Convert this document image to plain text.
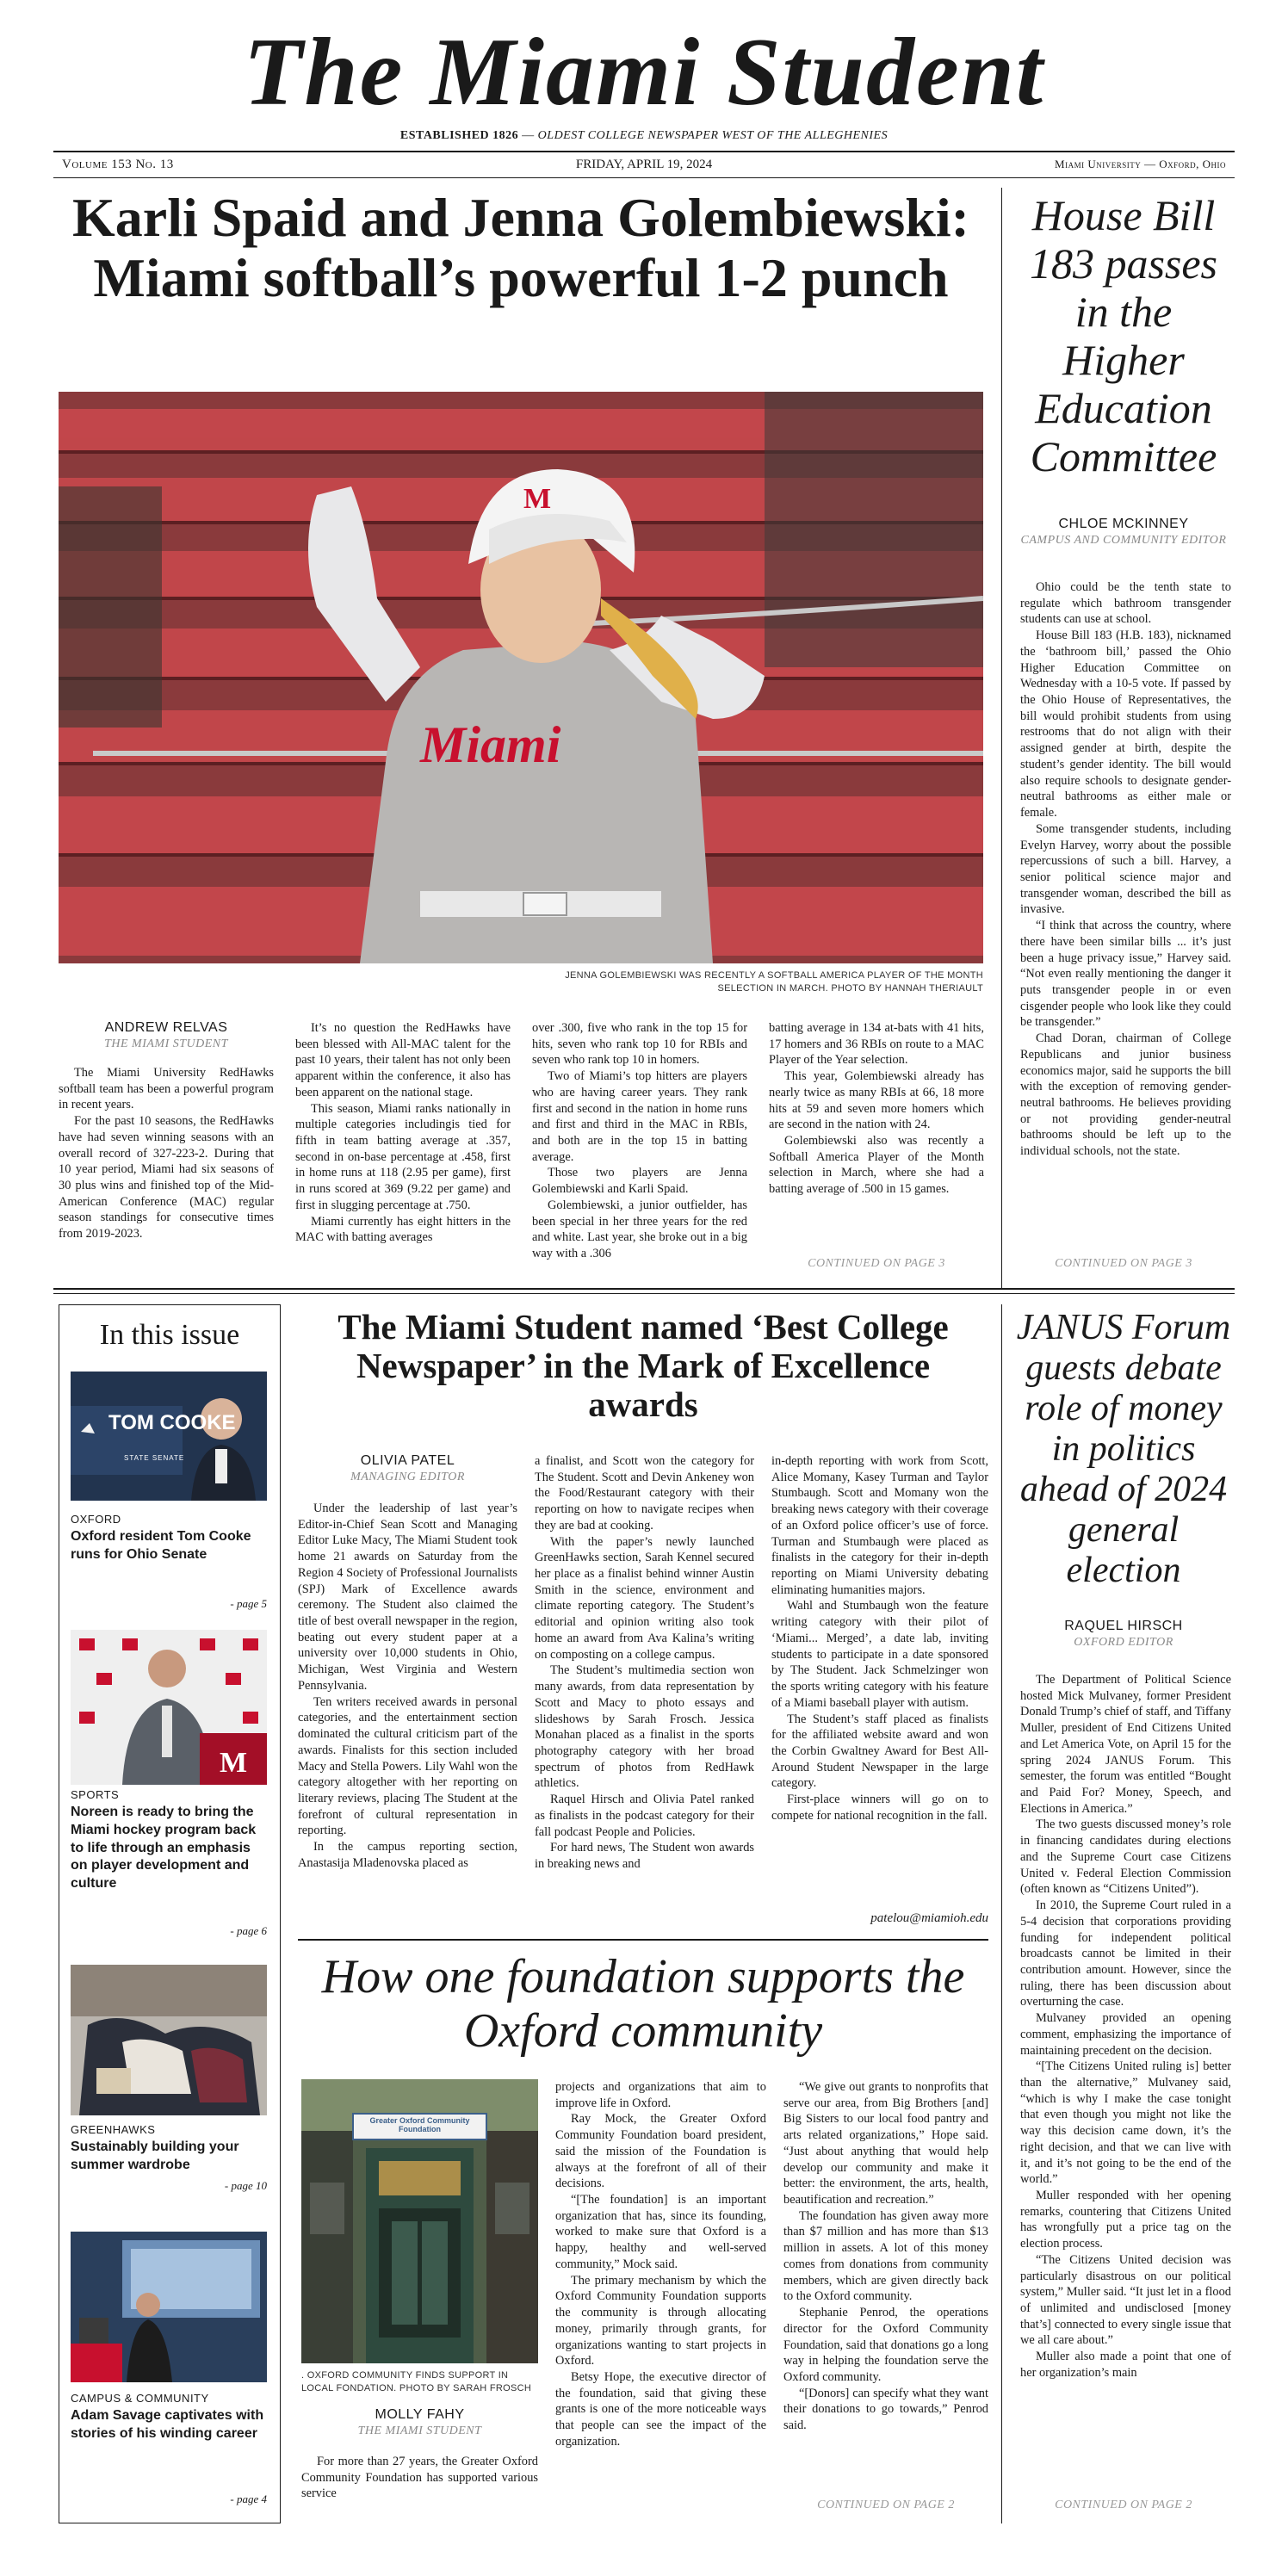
The Miami Student
ESTABLISHED 1826 — OLDEST COLLEGE NEWSPAPER WEST OF THE ALLEGHENIES
Volume 153 No. 13	FRIDAY, APRIL 19, 2024	Miami University — Oxford, Ohio
Karli Spaid and Jenna Golembiewski: Miami softball’s powerful 1-2 punch
M
Miami
JENNA GOLEMBIEWSKI WAS RECENTLY A SOFTBALL AMERICA PLAYER OF THE MONTH SELECTION IN MARCH. PHOTO BY HANNAH THERIAULT
ANDREW RELVAS
THE MIAMI STUDENT

The Miami University RedHawks softball team has been a powerful program in recent years.

For the past 10 seasons, the RedHawks have had seven winning seasons with an overall record of 327-223-2. During that 10 year period, Miami had six seasons of 30 plus wins and finished top of the Mid-American Conference (MAC) regular season standings for consecutive times from 2019-2023.

It’s no question the RedHawks have been blessed with All-MAC talent for the past 10 years, their talent has not only been apparent within the conference, it also has been apparent on the national stage.

This season, Miami ranks nationally in multiple categories includingis tied for fifth in team batting average at .357, second in on-base percentage at .458, first in home runs at 118 (2.95 per game), first in runs scored at 369 (9.22 per game) and first in slugging percentage at .750.

Miami currently has eight hitters in the MAC with batting averages

over .300, five who rank in the top 15 for hits, seven who rank top 10 for RBIs and seven who rank top 10 in homers.

Two of Miami’s top hitters are players who are having career years. They rank first and second in the nation in home runs and first and third in the MAC in RBIs, and both are in the top 15 in batting average.

Those two players are Jenna Golembiewski and Karli Spaid.

Golembiewski, a junior outfielder, has been special in her three years for the red and white. Last year, she broke out in a big way with a .306

batting average in 134 at-bats with 41 hits, 17 homers and 36 RBIs on route to a MAC Player of the Year selection.

This year, Golembiewski already has nearly twice as many RBIs at 66, 18 more hits at 59 and seven more homers which are second in the nation with 24.

Golembiewski also was recently a Softball America Player of the Month selection in March, where she had a batting average of .500 in 15 games.

CONTINUED ON PAGE 3
House Bill 183 passes in the Higher Education Committee
CHLOE MCKINNEY
CAMPUS AND COMMUNITY EDITOR

Ohio could be the tenth state to regulate which bathroom transgender students can use at school.

House Bill 183 (H.B. 183), nicknamed the ‘bathroom bill,’ passed the Ohio Higher Education Committee on Wednesday with a 10-5 vote. If passed by the Ohio House of Representatives, the bill would prohibit students from using restrooms that do not align with their assigned gender at birth, despite the student’s gender identity. The bill would also require schools to designate gender-neutral bathrooms as either male or female.

Some transgender students, including Evelyn Harvey, worry about the possible repercussions of such a bill. Harvey, a senior political science major and transgender woman, described the bill as invasive.

“I think that across the country, where there have been similar bills ... it’s just been a huge privacy issue,” Harvey said. “Not even really mentioning the danger it puts transgender people in or even cisgender people who look like they could be transgender.”

Chad Doran, chairman of College Republicans and junior business economics major, said he supports the bill with the exception of removing gender-neutral bathrooms. He believes providing or not providing gender-neutral bathrooms should be left up to the individual schools, not the state.

CONTINUED ON PAGE 3
In this issue
TOM COOKE
STATE SENATE
OXFORD
Oxford resident Tom Cooke runs for Ohio Senate
- page 5
M
SPORTS
Noreen is ready to bring the Miami hockey program back to life through an emphasis on player development and culture
- page 6
GREENHAWKS
Sustainably building your summer wardrobe
- page 10
CAMPUS & COMMUNITY
Adam Savage captivates with stories of his winding career
- page 4
The Miami Student named ‘Best College Newspaper’ in the Mark of Excellence awards
OLIVIA PATEL
MANAGING EDITOR

Under the leadership of last year’s Editor-in-Chief Sean Scott and Managing Editor Luke Macy, The Miami Student took home 21 awards on Saturday from the Region 4 Society of Professional Journalists (SPJ) Mark of Excellence awards ceremony. The Student also claimed the title of best overall newspaper in the region, beating out every student paper at a university over 10,000 students in Ohio, Michigan, West Virginia and Western Pennsylvania.

Ten writers received awards in personal categories, and the entertainment section dominated the cultural criticism part of the awards. Finalists for this section included Macy and Stella Powers. Lily Wahl won the category altogether with her reporting on literary reviews, placing The Student at the forefront of cultural representation in reporting.

In the campus reporting section, Anastasija Mladenovska placed as

a finalist, and Scott won the category for The Student. Scott and Devin Ankeney won the Food/Restaurant category with their reporting on how to navigate recipes when they are bad at cooking.

With the paper’s newly launched GreenHawks section, Sarah Kennel secured her place as a finalist behind winner Austin Smith in the science, environment and climate reporting category. The Student’s editorial and opinion writing also took home an award from Ava Kalina’s writing on composting on a college campus.

The Student’s multimedia section won many awards, from data representation by Scott and Macy to photo essays and slideshows by Sarah Frosch. Jessica Monahan placed as a finalist in the sports photography category with her broad spectrum of photos from RedHawk athletics.

Raquel Hirsch and Olivia Patel ranked as finalists in the podcast category for their fall podcast People and Policies.

For hard news, The Student won awards in breaking news and

in-depth reporting with work from Scott, Alice Momany, Kasey Turman and Taylor Stumbaugh. Scott and Momany won the breaking news category with their coverage of an Oxford police officer’s use of force. Turman and Stumbaugh were placed as finalists in the category for their in-depth reporting on Miami University debating eliminating humanities majors.

Wahl and Stumbaugh won the feature writing category with their pilot of ‘Miami... Merged’, a date lab, inviting students to participate in a date sponsored by The Student. Jack Schmelzinger won the sports writing category with his feature of a Miami baseball player with autism.

The Student’s staff placed as finalists for the affiliated website award and won the Corbin Gwaltney Award for Best All-Around Student Newspaper in the large category.

First-place winners will go on to compete for national recognition in the fall.

patelou@miamioh.edu
How one foundation supports the Oxford community
Greater Oxford Community Foundation
. OXFORD COMMUNITY FINDS SUPPORT IN LOCAL FONDATION. PHOTO BY SARAH FROSCH
MOLLY FAHY
THE MIAMI STUDENT

For more than 27 years, the Greater Oxford Community Foundation has supported various service

projects and organizations that aim to improve life in Oxford.

Ray Mock, the Greater Oxford Community Foundation board president, said the mission of the Foundation is always at the forefront of all of their decisions.

“[The foundation] is an important organization that has, since its founding, worked to make sure that Oxford is a happy, healthy and well-served community,” Mock said.

The primary mechanism by which the Oxford Community Foundation supports the community is through allocating money, primarily through grants, for organizations wanting to start projects in Oxford.

Betsy Hope, the executive director of the foundation, said that giving these grants is one of the more noticeable ways that people can see the impact of the organization.

“We give out grants to nonprofits that serve our area, from Big Brothers [and] Big Sisters to our local food pantry and arts related organizations,” Hope said. “Just about anything that would help develop our community and make it better: the environment, the arts, health, beautification and recreation.”

The foundation has given away more than $7 million and has more than $13 million in assets. A lot of this money comes from donations from community members, which are given directly back to the Oxford community.

Stephanie Penrod, the operations director for the Oxford Community Foundation, said that donations go a long way in helping the foundation serve the Oxford community.

“[Donors] can specify what they want their donations to go towards,” Penrod said.

CONTINUED ON PAGE 2
JANUS Forum guests debate role of money in politics ahead of 2024 general election
RAQUEL HIRSCH
OXFORD EDITOR

The Department of Political Science hosted Mick Mulvaney, former President Donald Trump’s chief of staff, and Tiffany Muller, president of End Citizens United and Let America Vote, on April 15 for the spring 2024 JANUS Forum. This semester, the forum was entitled “Bought and Paid For? Money, Speech, and Elections in America.”

The two guests discussed money’s role in financing candidates during elections and the Supreme Court case Citizens United v. Federal Election Commission (often known as “Citizens United”).

In 2010, the Supreme Court ruled in a 5-4 decision that corporations providing funding for independent political broadcasts cannot be limited in their contribution amount. However, since the ruling, there has been discussion about overturning the case.

Mulvaney provided an opening comment, emphasizing the importance of maintaining precedent on the decision.

“[The Citizens United ruling is] better than the alternative,” Mulvaney said, “which is why I make the case tonight that even though you might not like the way this decision came down, it’s the right decision, and that we can live with it, and it’s not going to be the end of the world.”

Muller responded with her opening remarks, countering that Citizens United has wrongfully put a price tag on the election process.

“The Citizens United decision was particularly disastrous on our political system,” Muller said. “It just let in a flood of unlimited and undisclosed [money that’s] connected to every single issue that we all care about.”

Muller also made a point that one of her organization’s main

CONTINUED ON PAGE 2
